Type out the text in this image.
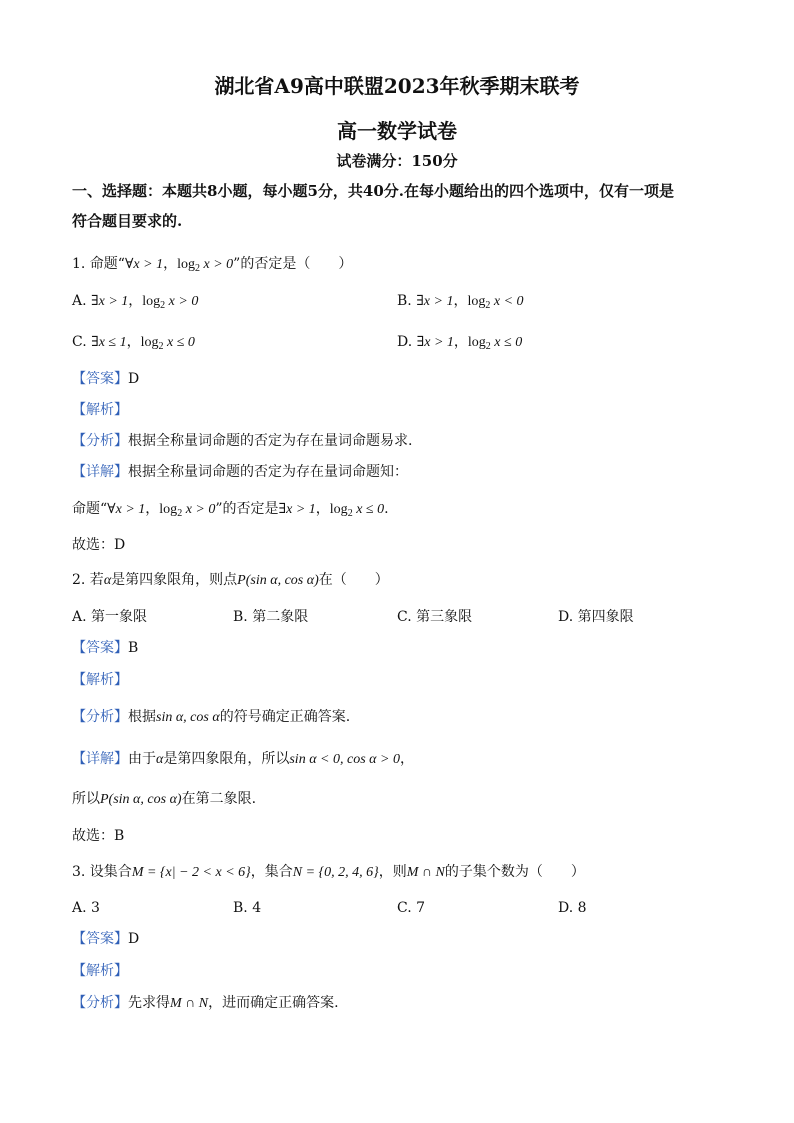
湖北省A9高中联盟2023年秋季期末联考
高一数学试卷
试卷满分：150分
一、选择题：本题共8小题，每小题5分，共40分.在每小题给出的四个选项中，仅有一项是
符合题目要求的.
1. 命题“∀x > 1，$\log_2 x > 0$”的否定是（　　）
A. ∃x > 1，$\log_2 x > 0$	B. ∃x > 1，$\log_2 x < 0$
C. ∃x ≤ 1，$\log_2 x \le 0$	D. ∃x > 1，$\log_2 x \le 0$
【答案】D
【解析】
【分析】根据全称量词命题的否定为存在量词命题易求.
【详解】根据全称量词命题的否定为存在量词命题知：
命题“∀x > 1，$\log_2 x > 0$”的否定是∃x > 1，$\log_2 x \le 0$.
故选：D
2. 若α是第四象限角，则点P(sin α, cos α)在（　　）
A. 第一象限	B. 第二象限	C. 第三象限	D. 第四象限
【答案】B
【解析】
【分析】根据sin α, cos α的符号确定正确答案.
【详解】由于α是第四象限角，所以sin α < 0, cos α > 0，
所以P(sin α, cos α)在第二象限.
故选：B
3. 设集合M = {x| − 2 < x < 6}，集合N = {0, 2, 4, 6}，则M ∩ N的子集个数为（　　）
A. 3	B. 4	C. 7	D. 8
【答案】D
【解析】
【分析】先求得M ∩ N，进而确定正确答案.
